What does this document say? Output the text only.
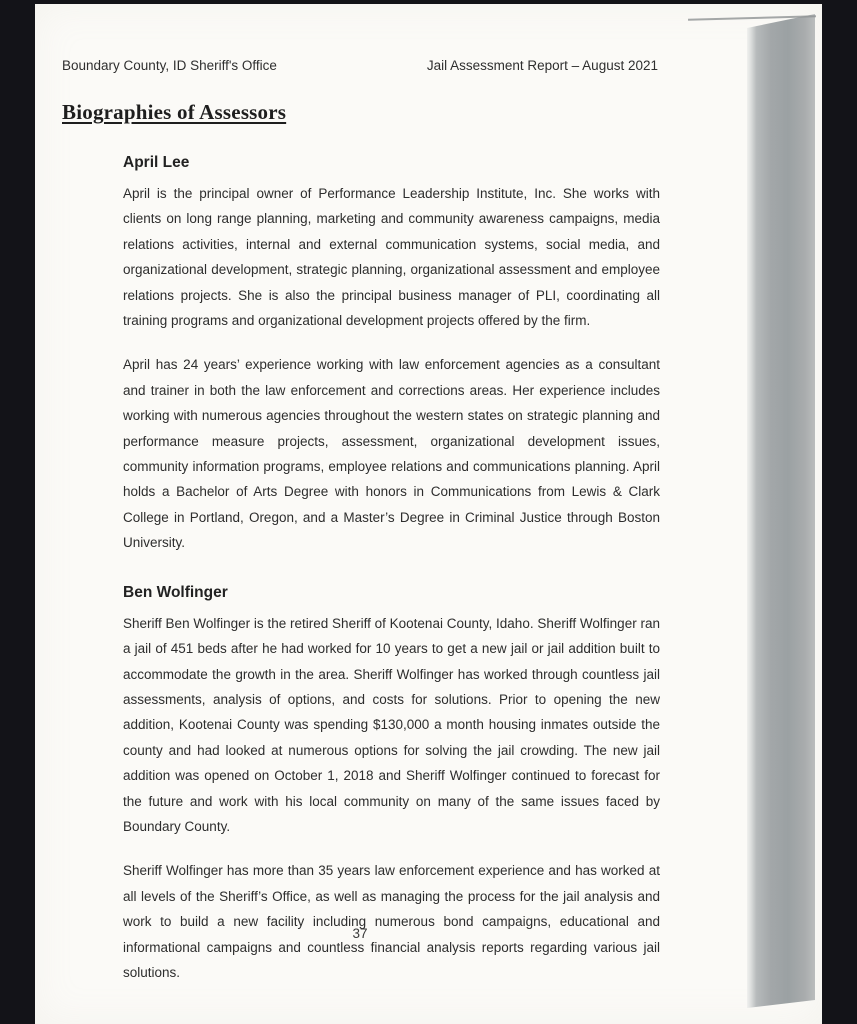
Boundary County, ID Sheriff's Office	Jail Assessment Report – August 2021
Biographies of Assessors
April Lee

April is the principal owner of Performance Leadership Institute, Inc. She works with clients on long range planning, marketing and community awareness campaigns, media relations activities, internal and external communication systems, social media, and organizational development, strategic planning, organizational assessment and employee relations projects. She is also the principal business manager of PLI, coordinating all training programs and organizational development projects offered by the firm.

April has 24 years’ experience working with law enforcement agencies as a consultant and trainer in both the law enforcement and corrections areas. Her experience includes working with numerous agencies throughout the western states on strategic planning and performance measure projects, assessment, organizational development issues, community information programs, employee relations and communications planning. April holds a Bachelor of Arts Degree with honors in Communications from Lewis & Clark College in Portland, Oregon, and a Master’s Degree in Criminal Justice through Boston University.

Ben Wolfinger

Sheriff Ben Wolfinger is the retired Sheriff of Kootenai County, Idaho. Sheriff Wolfinger ran a jail of 451 beds after he had worked for 10 years to get a new jail or jail addition built to accommodate the growth in the area. Sheriff Wolfinger has worked through countless jail assessments, analysis of options, and costs for solutions. Prior to opening the new addition, Kootenai County was spending $130,000 a month housing inmates outside the county and had looked at numerous options for solving the jail crowding. The new jail addition was opened on October 1, 2018 and Sheriff Wolfinger continued to forecast for the future and work with his local community on many of the same issues faced by Boundary County.

Sheriff Wolfinger has more than 35 years law enforcement experience and has worked at all levels of the Sheriff’s Office, as well as managing the process for the jail analysis and work to build a new facility including numerous bond campaigns, educational and informational campaigns and countless financial analysis reports regarding various jail solutions.

37
